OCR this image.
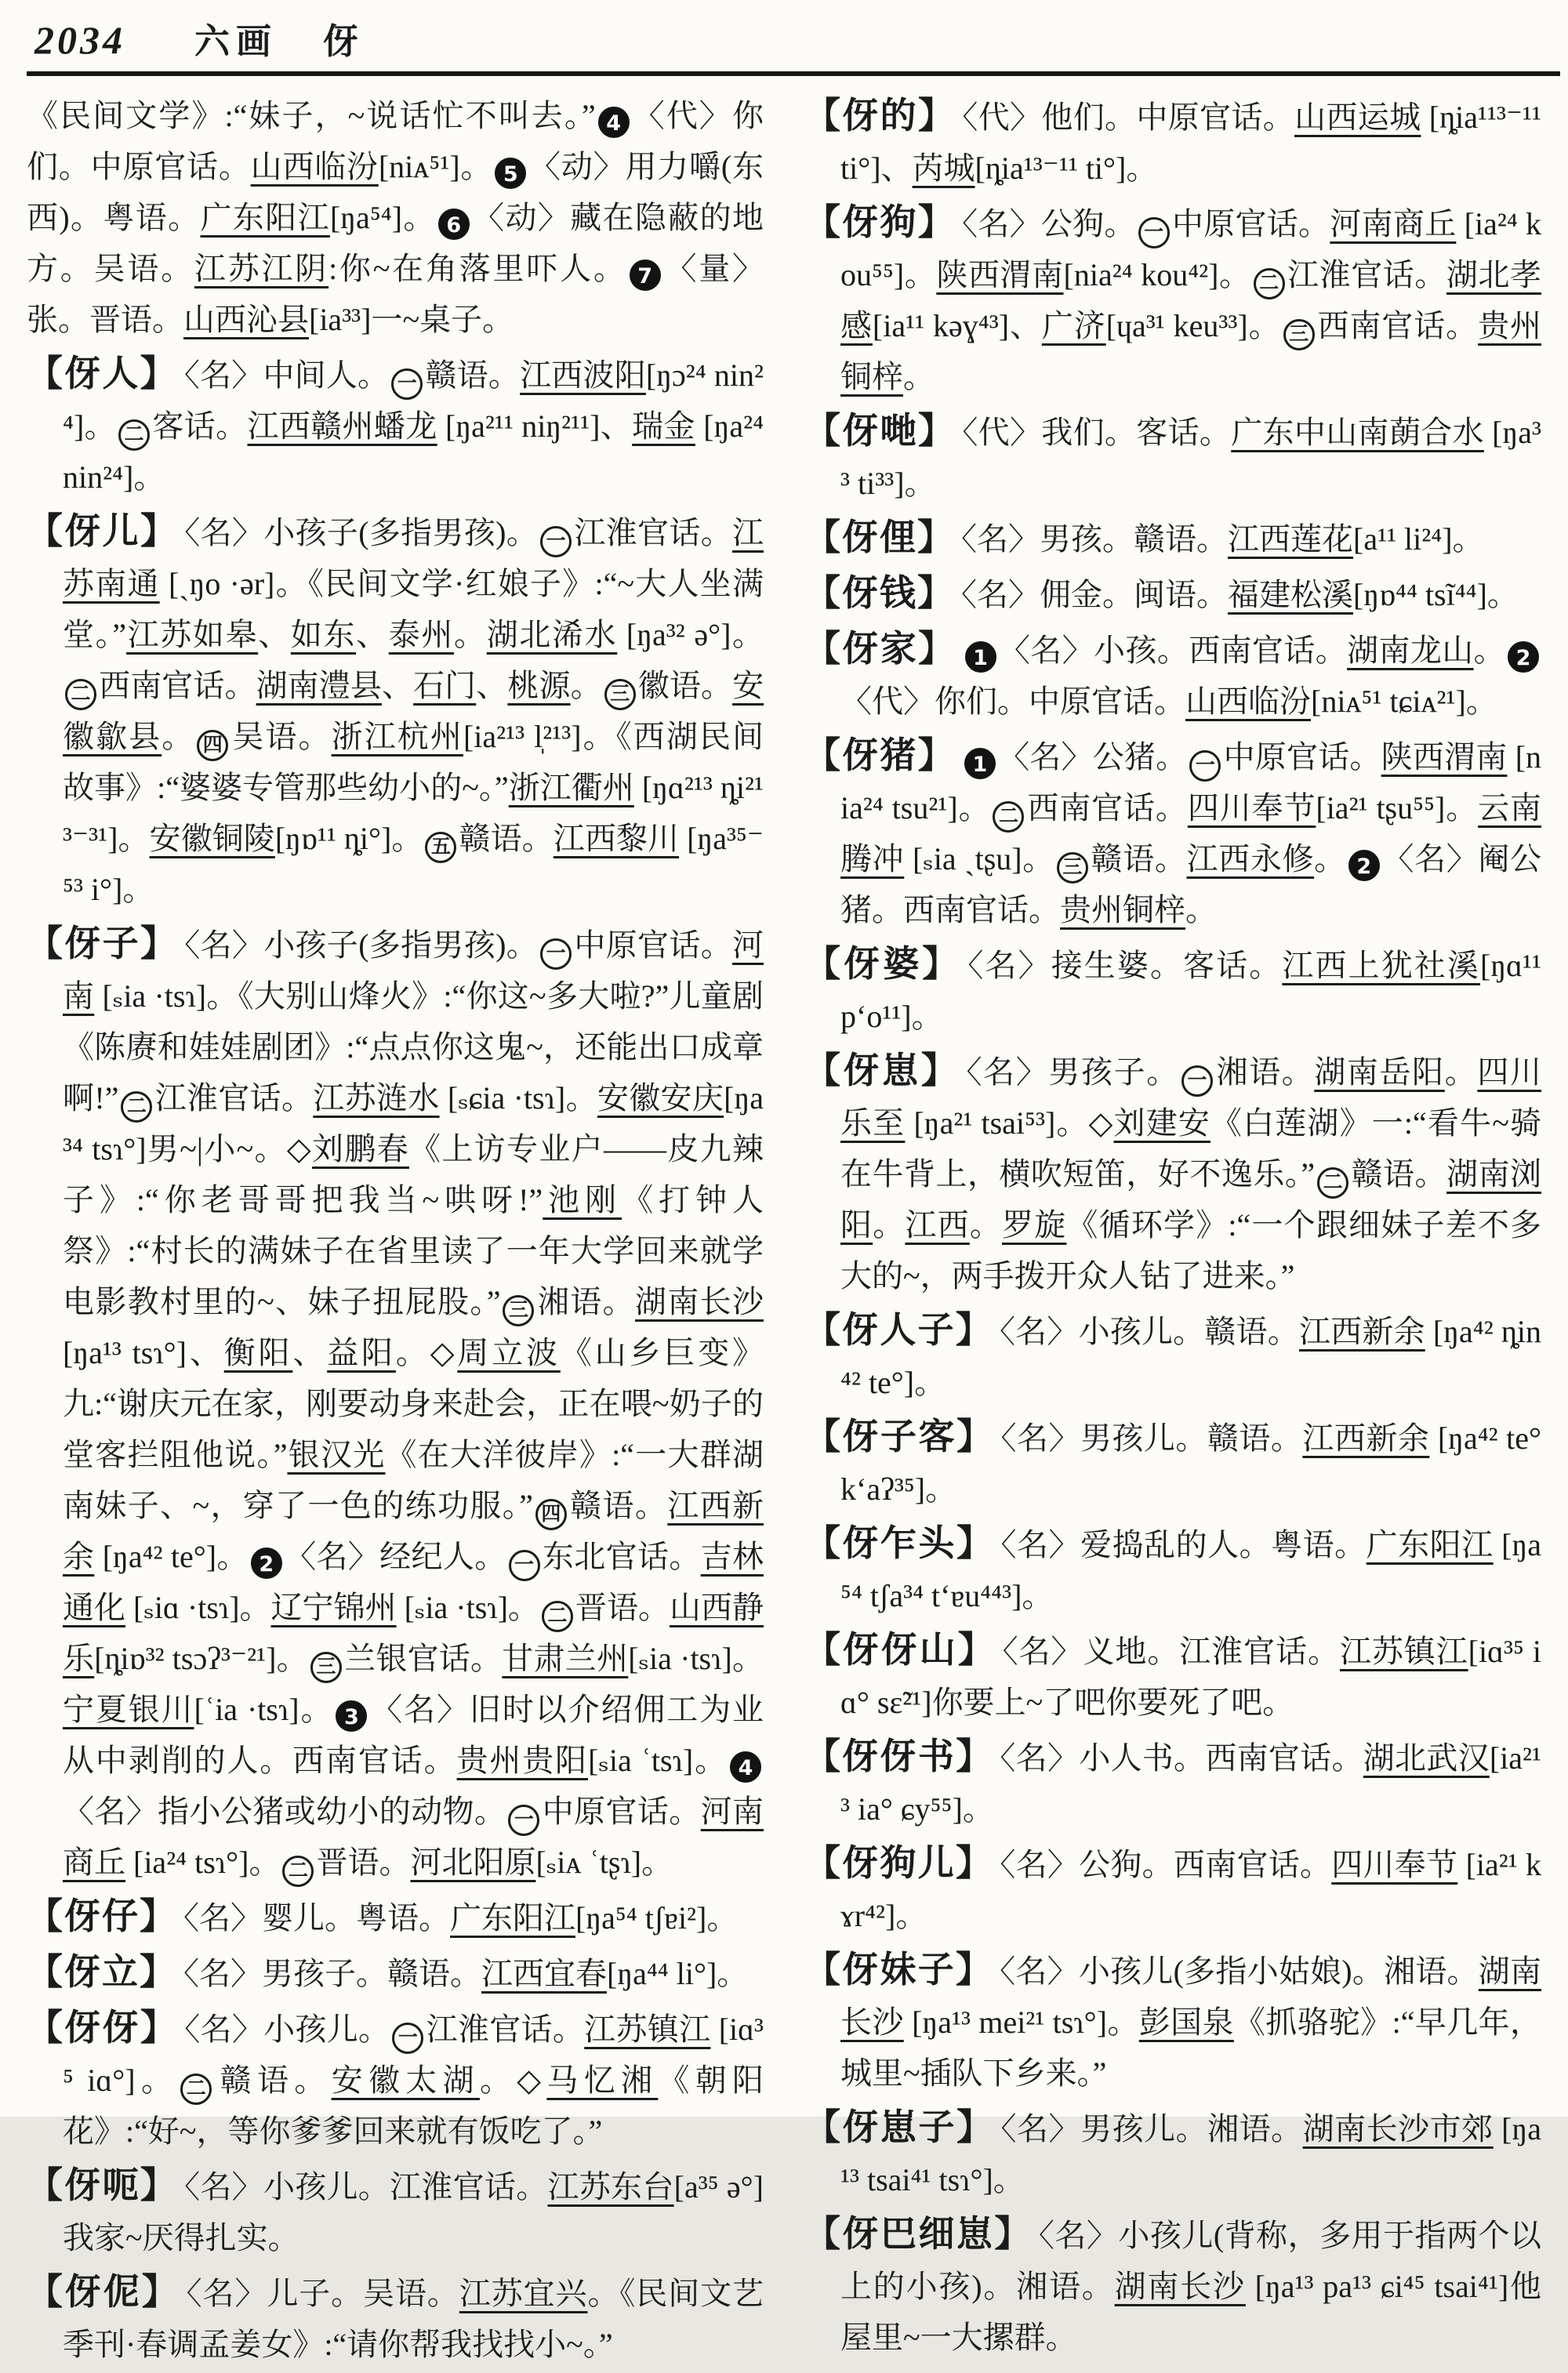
2034 六画 伢

《民间文学》:“妹子，~说话忙不叫去。” 4 〈代〉你们。中原官话。山西临汾[niᴀ⁵¹]。 5 〈动〉用力嚼(东西)。粤语。广东阳江[ŋa⁵⁴]。 6 〈动〉藏在隐蔽的地方。吴语。江苏江阴:你~在角落里吓人。 7 〈量〉张。晋语。山西沁县[ia³³]一~桌子。

【伢人】 〈名〉中间人。 一 赣语。江西波阳[ŋɔ²⁴ nin²⁴]。 二 客话。江西赣州蟠龙 [ŋa²¹¹ niŋ²¹¹]、瑞金 [ŋa²⁴ nin²⁴]。

【伢儿】 〈名〉小孩子(多指男孩)。 一 江淮官话。江苏南通 [ˏŋo ·ər]。《民间文学·红娘子》:“~大人坐满堂。”江苏如皋、如东、泰州。湖北浠水 [ŋa³² ə°]。二 西南官话。湖南澧县、石门、桃源。 三 徽语。安徽歙县。 四 吴语。浙江杭州[ia²¹³ l̩²¹³]。《西湖民间故事》:“婆婆专管那些幼小的~。”浙江衢州 [ŋɑ²¹³ ȵi²¹³⁻³¹]。安徽铜陵[ŋɒ¹¹ ȵi°]。 五 赣语。江西黎川 [ŋa³⁵⁻⁵³ i°]。

【伢子】 〈名〉小孩子(多指男孩)。 一 中原官话。河南 [ₛia ·tsɿ]。《大别山烽火》:“你这~多大啦?”儿童剧《陈赓和娃娃剧团》:“点点你这鬼~，还能出口成章啊!” 二 江淮官话。江苏涟水 [ₛɕia ·tsɿ]。安徽安庆[ŋa³⁴ tsɿ°]男~|小~。◇刘鹏春《上访专业户——皮九辣子》:“你老哥哥把我当~哄呀!”池刚《打钟人祭》:“村长的满妹子在省里读了一年大学回来就学电影教村里的~、妹子扭屁股。” 三 湘语。湖南长沙[ŋa¹³ tsɿ°]、衡阳、益阳。◇周立波《山乡巨变》九:“谢庆元在家，刚要动身来赴会，正在喂~奶子的堂客拦阻他说。”银汉光《在大洋彼岸》:“一大群湖南妹子、~，穿了一色的练功服。” 四 赣语。江西新余 [ŋa⁴² te°]。 2 〈名〉经纪人。 一 东北官话。吉林通化 [ₛiɑ ·tsɿ]。辽宁锦州 [ₛia ·tsɿ]。 二 晋语。山西静乐[ȵiɒ³² tsɔʔ³⁻²¹]。 三 兰银官话。甘肃兰州[ₛia ·tsɿ]。宁夏银川[ʿia ·tsɿ]。 3 〈名〉旧时以介绍佣工为业从中剥削的人。西南官话。贵州贵阳[ₛia ʿtsɿ]。 4〈名〉指小公猪或幼小的动物。 一 中原官话。河南商丘 [ia²⁴ tsɿ°]。 二 晋语。河北阳原[ₛiᴀ ʿtʂɿ]。

【伢仔】 〈名〉婴儿。粤语。广东阳江[ŋa⁵⁴ tʃɐi²]。

【伢立】 〈名〉男孩子。赣语。江西宜春[ŋa⁴⁴ li°]。

【伢伢】 〈名〉小孩儿。 一 江淮官话。江苏镇江 [iɑ³⁵ iɑ°]。 二 赣语。安徽太湖。◇马忆湘《朝阳花》:“好~，等你爹爹回来就有饭吃了。”

【伢呃】 〈名〉小孩儿。江淮官话。江苏东台[a³⁵ ə°]我家~厌得扎实。

【伢伲】 〈名〉儿子。吴语。江苏宜兴。《民间文艺季刊·春调孟姜女》:“请你帮我找找小~。”

【伢的】 〈代〉他们。中原官话。山西运城 [ȵia¹¹³⁻¹¹ ti°]、芮城[ȵia¹³⁻¹¹ ti°]。

【伢狗】 〈名〉公狗。 一 中原官话。河南商丘 [ia²⁴ kou⁵⁵]。陕西渭南[nia²⁴ kou⁴²]。 二 江淮官话。湖北孝感[ia¹¹ kəɣ⁴³]、广济[ɥa³¹ keu³³]。 三 西南官话。贵州铜梓。

【伢哋】 〈代〉我们。客话。广东中山南蓢合水 [ŋa³³ ti³³]。

【伢俚】 〈名〉男孩。赣语。江西莲花[a¹¹ li²⁴]。

【伢钱】 〈名〉佣金。闽语。福建松溪[ŋɒ⁴⁴ tsĩ⁴⁴]。

【伢家】 1 〈名〉小孩。西南官话。湖南龙山。 2〈代〉你们。中原官话。山西临汾[niᴀ⁵¹ tɕiᴀ²¹]。

【伢猪】 1 〈名〉公猪。 一 中原官话。陕西渭南 [nia²⁴ tsu²¹]。 二 西南官话。四川奉节[ia²¹ tʂu⁵⁵]。云南腾冲 [ₛia ˏtʂu]。 三 赣语。江西永修。 2 〈名〉阉公猪。西南官话。贵州铜梓。

【伢婆】 〈名〉接生婆。客话。江西上犹社溪[ŋɑ¹¹ p‘o¹¹]。

【伢崽】 〈名〉男孩子。 一 湘语。湖南岳阳。四川乐至 [ŋa²¹ tsai⁵³]。◇刘建安《白莲湖》一:“看牛~骑在牛背上，横吹短笛，好不逸乐。” 二 赣语。湖南浏阳。江西。罗旋《循环学》:“一个跟细妹子差不多大的~，两手拨开众人钻了进来。”

【伢人子】 〈名〉小孩儿。赣语。江西新余 [ŋa⁴² ȵin⁴² te°]。

【伢子客】 〈名〉男孩儿。赣语。江西新余 [ŋa⁴² te° k‘aʔ³⁵]。

【伢乍头】 〈名〉爱捣乱的人。粤语。广东阳江 [ŋa⁵⁴ tʃa³⁴ t‘ɐu⁴⁴³]。

【伢伢山】 〈名〉义地。江淮官话。江苏镇江[iɑ³⁵ iɑ° sɛ̃²¹]你要上~了吧你要死了吧。

【伢伢书】 〈名〉小人书。西南官话。湖北武汉[ia²¹³ ia° ɕy⁵⁵]。

【伢狗儿】 〈名〉公狗。西南官话。四川奉节 [ia²¹ kɤr⁴²]。

【伢妹子】 〈名〉小孩儿(多指小姑娘)。湘语。湖南长沙 [ŋa¹³ mei²¹ tsɿ°]。彭国泉《抓骆驼》:“早几年，城里~插队下乡来。”

【伢崽子】 〈名〉男孩儿。湘语。湖南长沙市郊 [ŋa¹³ tsai⁴¹ tsɿ°]。

【伢巴细崽】 〈名〉小孩儿(背称，多用于指两个以上的小孩)。湘语。湖南长沙 [ŋa¹³ pa¹³ ɕi⁴⁵ tsai⁴¹]他屋里~一大摞群。
